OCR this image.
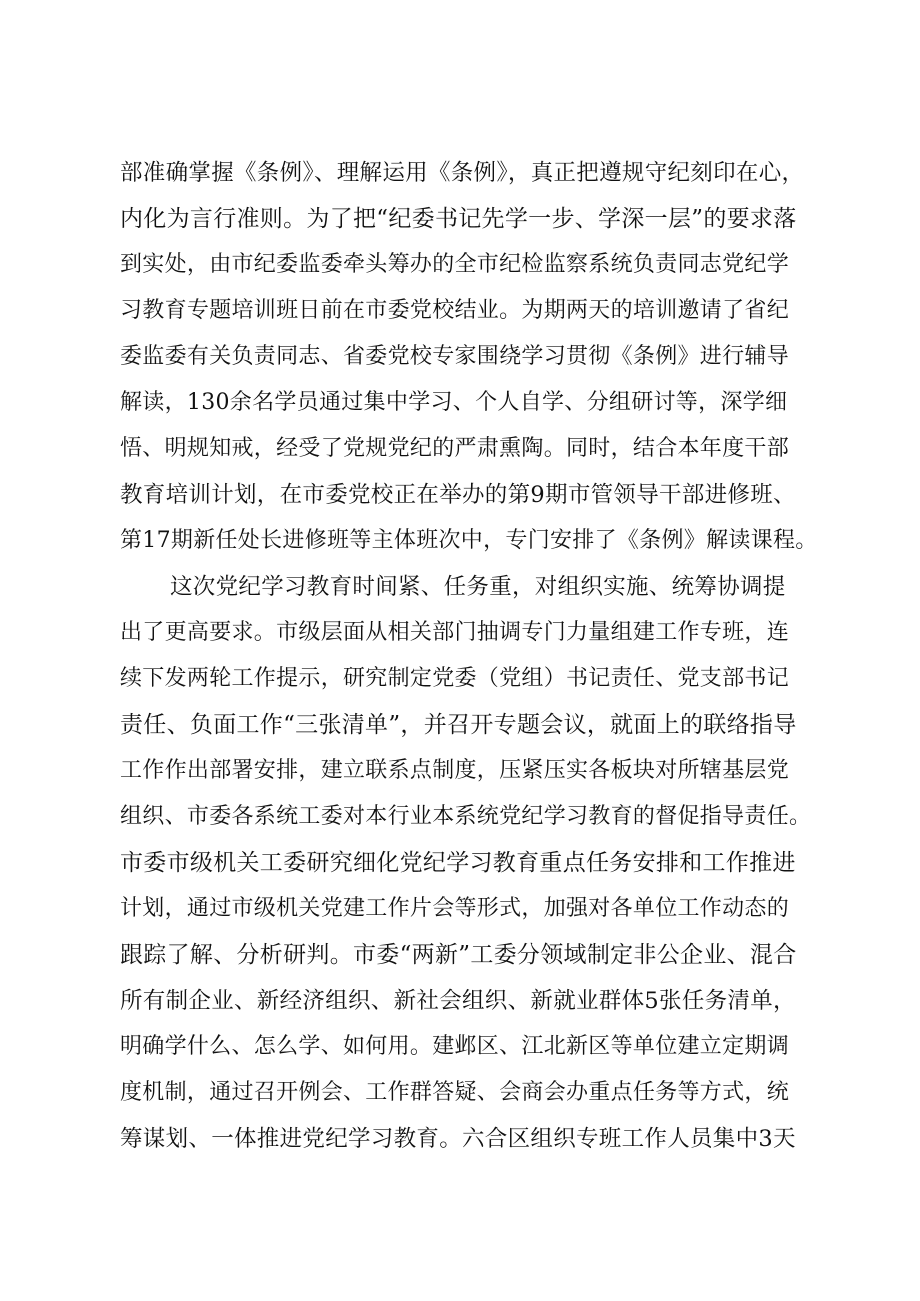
部准确掌握《条例》、理解运用《条例》，真正把遵规守纪刻印在心，
内化为言行准则。为了把“纪委书记先学一步、学深一层”的要求落
到实处，由市纪委监委牵头筹办的全市纪检监察系统负责同志党纪学
习教育专题培训班日前在市委党校结业。为期两天的培训邀请了省纪
委监委有关负责同志、省委党校专家围绕学习贯彻《条例》进行辅导
解读，130余名学员通过集中学习、个人自学、分组研讨等，深学细
悟、明规知戒，经受了党规党纪的严肃熏陶。同时，结合本年度干部
教育培训计划，在市委党校正在举办的第9期市管领导干部进修班、
第17期新任处长进修班等主体班次中，专门安排了《条例》解读课程。
这次党纪学习教育时间紧、任务重，对组织实施、统筹协调提
出了更高要求。市级层面从相关部门抽调专门力量组建工作专班，连
续下发两轮工作提示，研究制定党委（党组）书记责任、党支部书记
责任、负面工作“三张清单”，并召开专题会议，就面上的联络指导
工作作出部署安排，建立联系点制度，压紧压实各板块对所辖基层党
组织、市委各系统工委对本行业本系统党纪学习教育的督促指导责任。
市委市级机关工委研究细化党纪学习教育重点任务安排和工作推进
计划，通过市级机关党建工作片会等形式，加强对各单位工作动态的
跟踪了解、分析研判。市委“两新”工委分领域制定非公企业、混合
所有制企业、新经济组织、新社会组织、新就业群体5张任务清单，
明确学什么、怎么学、如何用。建邺区、江北新区等单位建立定期调
度机制，通过召开例会、工作群答疑、会商会办重点任务等方式，统
筹谋划、一体推进党纪学习教育。六合区组织专班工作人员集中3天
